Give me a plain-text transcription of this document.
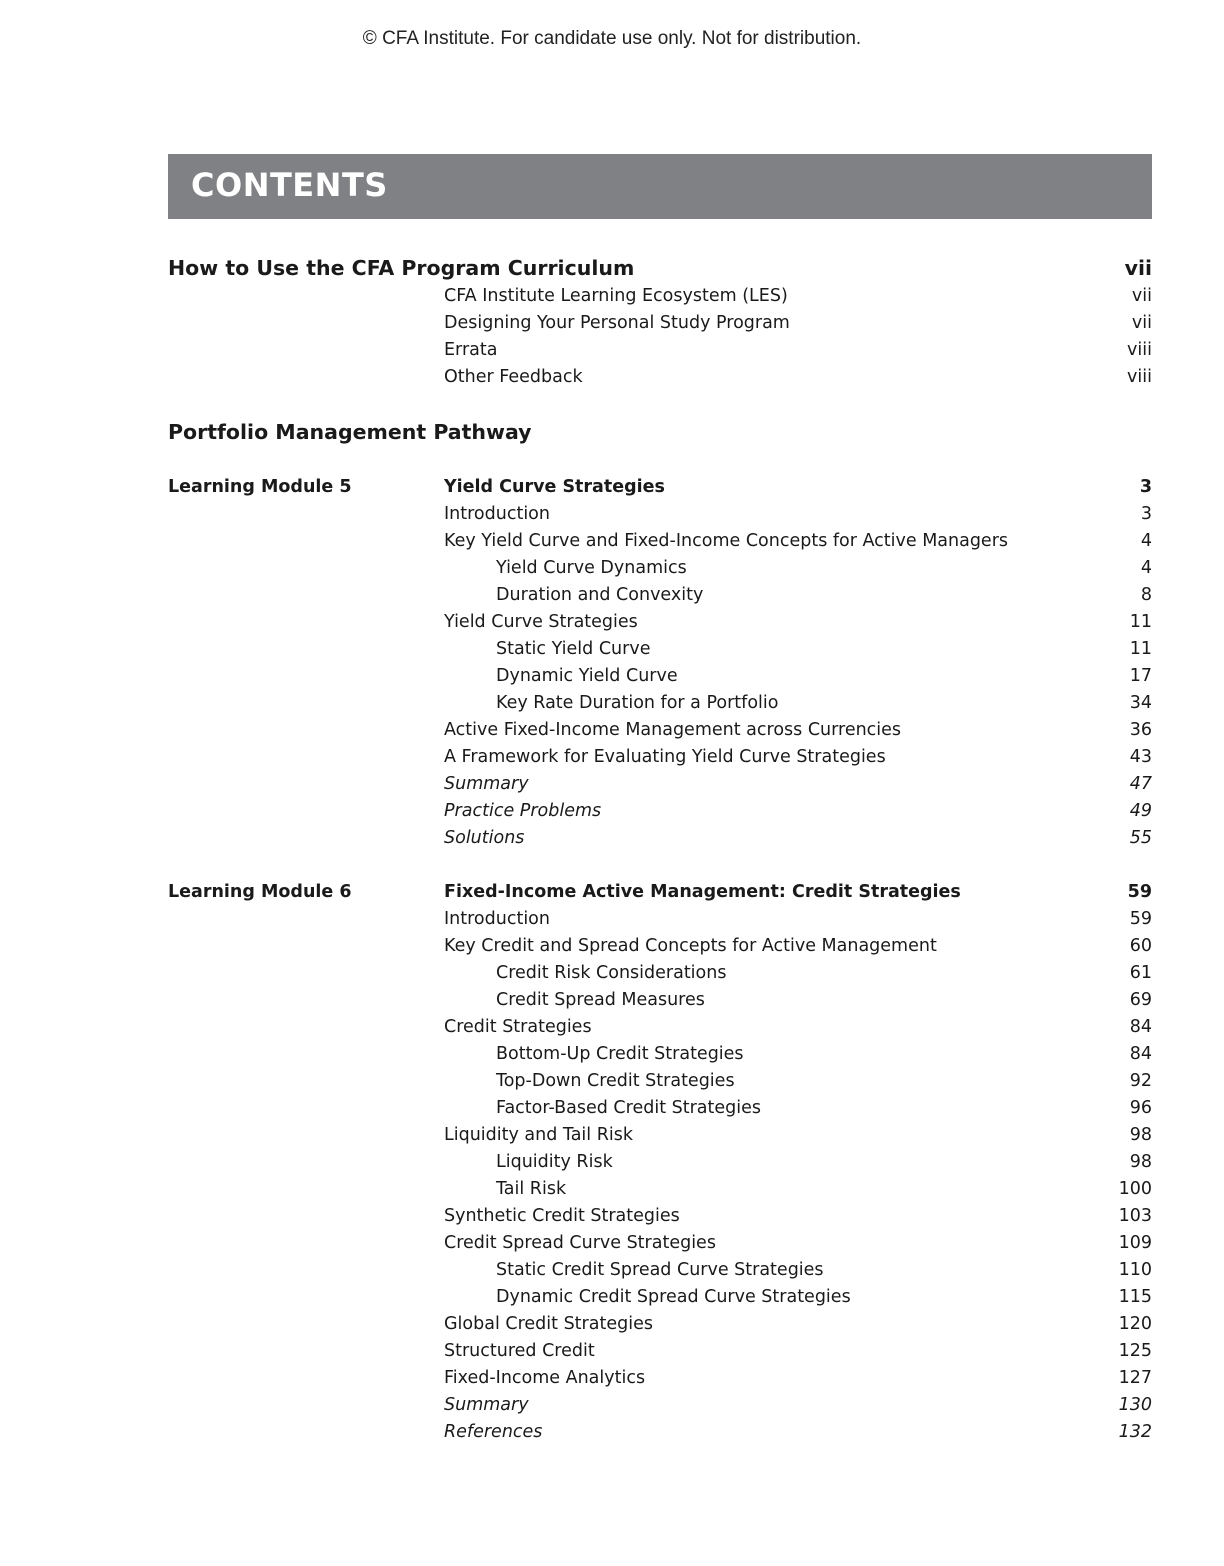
© CFA Institute. For candidate use only. Not for distribution.
CONTENTS
How to Use the CFA Program Curriculum	vii
CFA Institute Learning Ecosystem (LES)	vii
Designing Your Personal Study Program	vii
Errata	viii
Other Feedback	viii
Portfolio Management Pathway
Learning Module 5	Yield Curve Strategies	3
Introduction	3
Key Yield Curve and Fixed-Income Concepts for Active Managers	4
Yield Curve Dynamics	4
Duration and Convexity	8
Yield Curve Strategies	11
Static Yield Curve	11
Dynamic Yield Curve	17
Key Rate Duration for a Portfolio	34
Active Fixed-Income Management across Currencies	36
A Framework for Evaluating Yield Curve Strategies	43
Summary	47
Practice Problems	49
Solutions	55
Learning Module 6	Fixed-Income Active Management: Credit Strategies	59
Introduction	59
Key Credit and Spread Concepts for Active Management	60
Credit Risk Considerations	61
Credit Spread Measures	69
Credit Strategies	84
Bottom-Up Credit Strategies	84
Top-Down Credit Strategies	92
Factor-Based Credit Strategies	96
Liquidity and Tail Risk	98
Liquidity Risk	98
Tail Risk	100
Synthetic Credit Strategies	103
Credit Spread Curve Strategies	109
Static Credit Spread Curve Strategies	110
Dynamic Credit Spread Curve Strategies	115
Global Credit Strategies	120
Structured Credit	125
Fixed-Income Analytics	127
Summary	130
References	132
